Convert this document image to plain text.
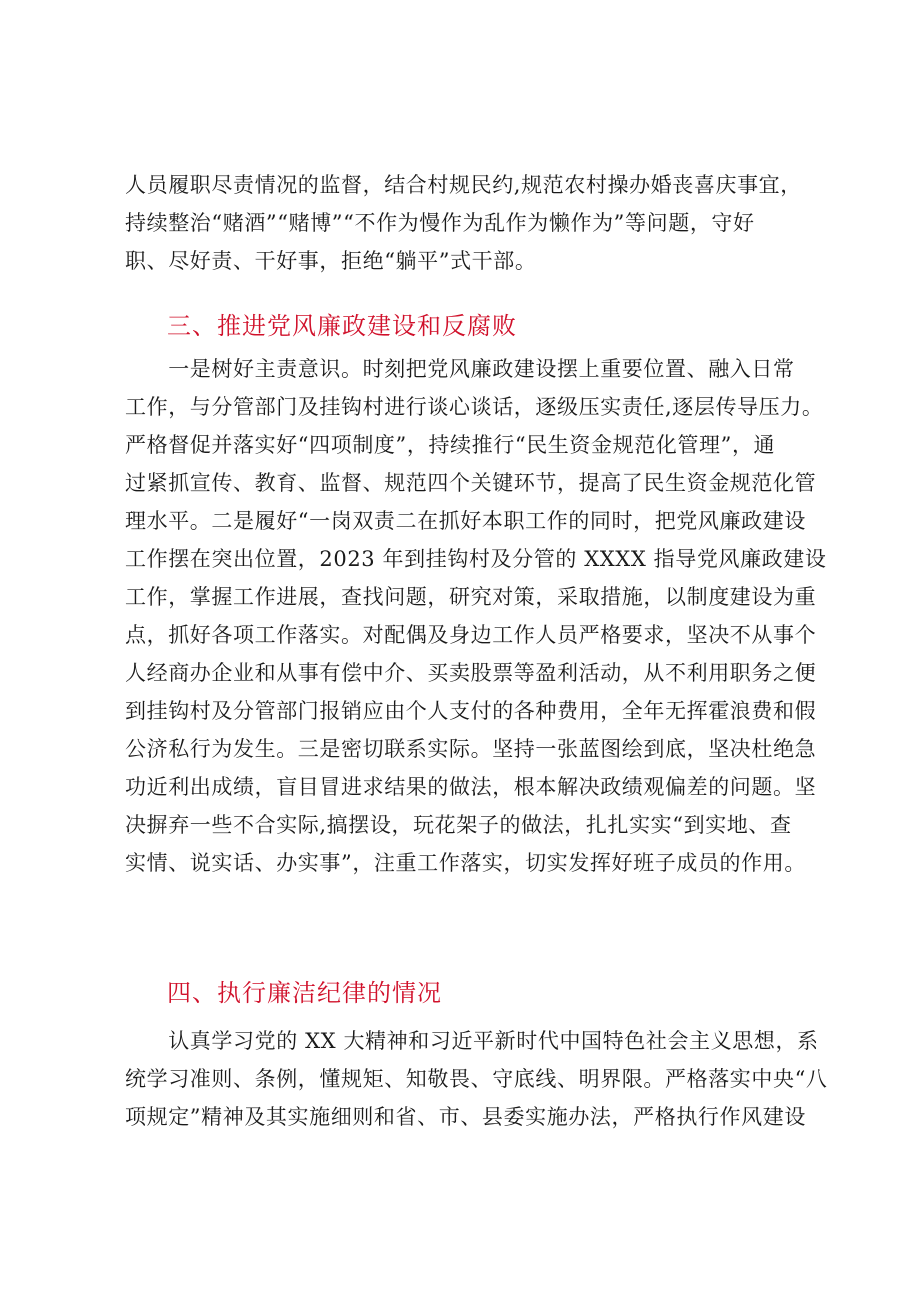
人员履职尽责情况的监督，结合村规民约,规范农村操办婚丧喜庆事宜，
持续整治“赌酒”“赌博”“不作为慢作为乱作为懒作为”等问题，守好
职、尽好责、干好事，拒绝“躺平”式干部。
三、推进党风廉政建设和反腐败
　　一是树好主责意识。时刻把党风廉政建设摆上重要位置、融入日常
工作，与分管部门及挂钩村进行谈心谈话，逐级压实责任,逐层传导压力。
严格督促并落实好“四项制度”，持续推行“民生资金规范化管理”，通
过紧抓宣传、教育、监督、规范四个关键环节，提高了民生资金规范化管
理水平。二是履好“一岗双责二在抓好本职工作的同时，把党风廉政建设
工作摆在突出位置，2023 年到挂钩村及分管的 XXXX 指导党风廉政建设
工作，掌握工作进展，查找问题，研究对策，采取措施，以制度建设为重
点，抓好各项工作落实。对配偶及身边工作人员严格要求，坚决不从事个
人经商办企业和从事有偿中介、买卖股票等盈利活动，从不利用职务之便
到挂钩村及分管部门报销应由个人支付的各种费用，全年无挥霍浪费和假
公济私行为发生。三是密切联系实际。坚持一张蓝图绘到底，坚决杜绝急
功近利出成绩，盲目冒进求结果的做法，根本解决政绩观偏差的问题。坚
决摒弃一些不合实际,搞摆设，玩花架子的做法，扎扎实实“到实地、查
实情、说实话、办实事”，注重工作落实，切实发挥好班子成员的作用。
四、执行廉洁纪律的情况
　　认真学习党的 XX 大精神和习近平新时代中国特色社会主义思想，系
统学习准则、条例，懂规矩、知敬畏、守底线、明界限。严格落实中央“八
项规定”精神及其实施细则和省、市、县委实施办法，严格执行作风建设
